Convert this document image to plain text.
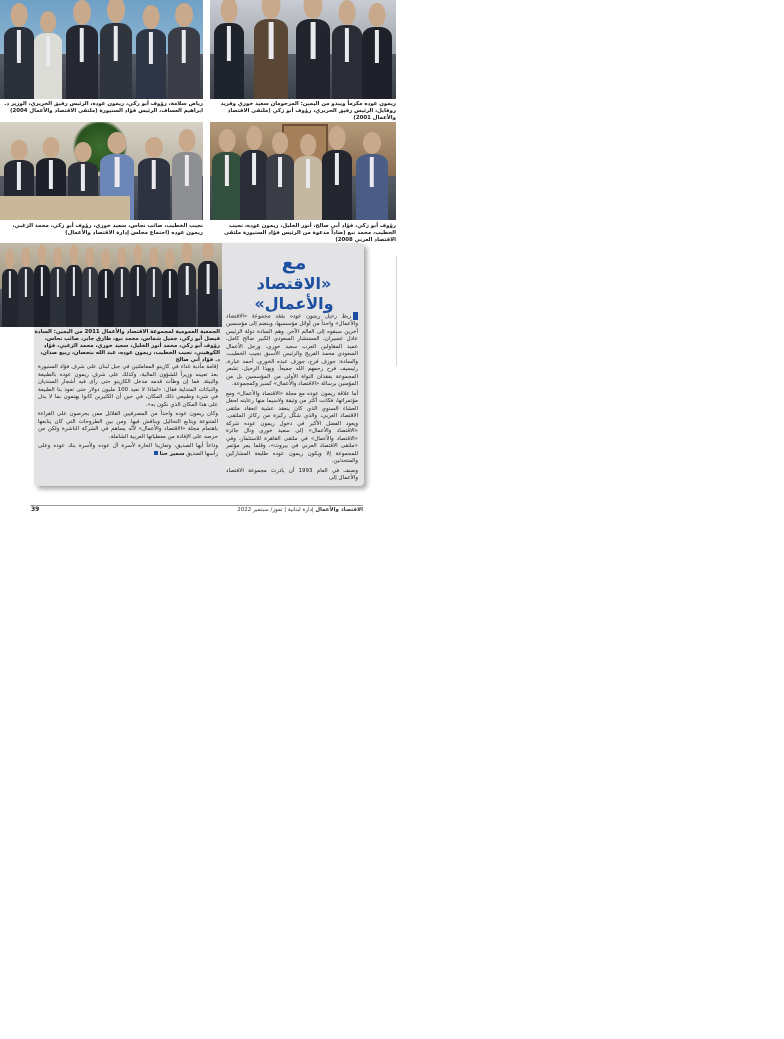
رياض سلامة، رؤوف أبو زكي، ريمون عوده، الرئيس رفيق الحريري، الوزير د. ابراهيم العساف، الرئيس فؤاد السنيورة (ملتقى الاقتصاد والأعمال 2004)
ريمون عوده مكرماً ويبدو من اليمين: المرحومان سعيد خوري وفريد روفايل، الرئيس رفيق الحريري، رؤوف أبو زكي (ملتقى الاقتصاد والأعمال 2001)
نجيب الخطيب، صائب نحاس، سعيد خوري، رؤوف أبو زكي، محمد الزغبي، ريمون عوده (اجتماع مجلس إدارة الاقتصاد والأعمال)
رؤوف أبو زكي، فؤاد أبي صالح، أنور الخليل، ريمون عوده، نجيب الخطيب، محمد نبع (ضاداً مدعوة من الرئيس فؤاد السنيورة ملتقى الاقتصاد العربي 2008)
الجمعية العمومية لمجموعة الاقتصاد والأعمال 2011 من اليمين: السادة فيصل أبو زكي، جميل شماس، محمد نبع، طارق جابر، صائب نحاس، رؤوف أبو زكي، محمد أنور الخليل، سعيد خوري، محمد الزغبي، فؤاد الكوهيني، نجيب الخطيب، ريمون عوده، عبد الله بنحصان، ربيع صدان، د. فؤاد أبي صالح
مع
«الاقتصاد والأعمال»

ربط رحيل ريمون عوده بفقد مجموعة «الاقتصاد والأعمال» واحداً من أوائل مؤسسيها، وينضم إلى مؤسسين آخرين سبقوه إلى العالم الآخر. وهم السادة دولة الرئيس عادل عسيران، المستشار السعودي الكبير صالح كامل، عميد المقاولين العرب سعيد خوري، ورجل الأعمال السعودي محمد الفريح والرئيس الأسبق نجيب الخطيب، والسادة: جوزف فرح، جوزف عبده الخوري، أحمد عبارة، رئيسيف فرح رحمهم الله جميعاً. وبهذا الرحيل، تشعر المجموعة بفقدان النواة الأولى من المؤسسين بل من المؤمنين برسالة «الاقتصاد والأعمال» كمنبر وكمجموعة.

أما علاقة ريمون عوده مع مجلة «الاقتصاد والأعمال» ومع مؤتمراتها، فكانت أكثر من وثيقة ولاسيما منها رعايته لحفل العشاء السنوي الذي كان ينعقد عشية انعقاد ملتقى الاقتصاد العربي، والذي شكّل ركيزة من ركائز الملتقى. ويعود الفضل الأكبر في دخول ريمون عوده شركة «الاقتصاد والأعمال» إلى سعيد خوري ونال جائزة «الاقتصاد والأعمال» في ملتقى القاهرة للاستثمار، وفي «ملتقى الاقتصاد العربي في بيروت»، وقلما يمر مؤتمر للمجموعة إلا ويكون ريمون عوده طليعة المشاركين والمتحدثين.

وصنف في العام 1993 أن بادرت مجموعة الاقتصاد والأعمال إلى

إقامة مأدبة غداء في كازينو المعاملتين في جبل لبنان على شرف فؤاد السنيورة بعد تعيينه وزيراً للشؤون المالية، وكذلك على شرف ريمون عوده بالطبيعة والبيئة. فما إن وطأت قدمه مدخل الكازينو حتى رأى فيه أشجار السنديان والنباتات المتدلية فقال: «لماذا لا نعيد 100 مليون دولار حتى تعود بنا الطبيعة في شيء وطبيعي ذلك المكان، في حين أن الكثيرين كانوا يهتمون بما لا يدل على هذا المكان الذي نكون به».

وكان ريمون عوده واحداً من المصرفيين القلائل ممن يحرصون على القراءة المتنوعة ويتابع التحاليل ويناقش فيها. ومن بين الطروحات التي كان يتابعها باهتمام مجلة «الاقتصاد والأعمال» لأنّه يساهم في الشركة الناشرة ولكن من حرصه على الإفادة من معطياتها العربية الشاملة.

وداعاً أيها الصديق، وتعازينا الحارة لأسرة آل عوده ولأسرة بنك عوده وعلى رأسها الصديق سمير حنا

39	الاقتصاد والأعمال إدارة لبنانية | تموز/ سبتمبر 2022
